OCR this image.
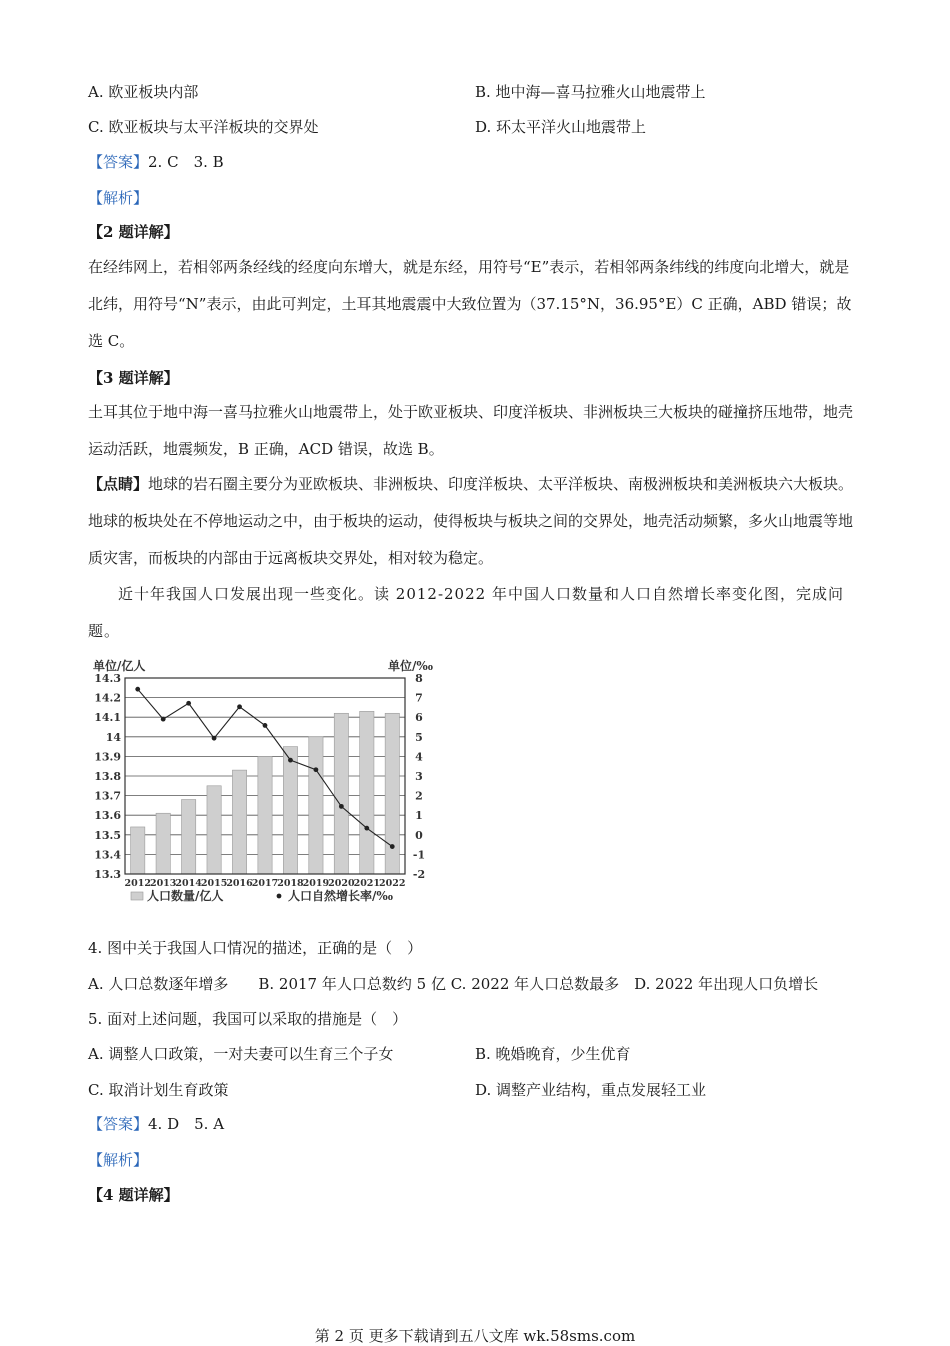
A. 欧亚板块内部	B. 地中海—喜马拉雅火山地震带上
C. 欧亚板块与太平洋板块的交界处	D. 环太平洋火山地震带上
【答案】2. C　3. B
【解析】
【2 题详解】
在经纬网上，若相邻两条经线的经度向东增大，就是东经，用符号“E”表示，若相邻两条纬线的纬度向北增大，就是北纬，用符号“N”表示，由此可判定，土耳其地震震中大致位置为（37.15°N，36.95°E）C 正确，ABD 错误；故选 C。
【3 题详解】
土耳其位于地中海一喜马拉雅火山地震带上，处于欧亚板块、印度洋板块、非洲板块三大板块的碰撞挤压地带，地壳运动活跃，地震频发，B 正确，ACD 错误，故选 B。
【点睛】地球的岩石圈主要分为亚欧板块、非洲板块、印度洋板块、太平洋板块、南极洲板块和美洲板块六大板块。地球的板块处在不停地运动之中，由于板块的运动，使得板块与板块之间的交界处，地壳活动频繁，多火山地震等地质灾害，而板块的内部由于远离板块交界处，相对较为稳定。
近十年我国人口发展出现一些变化。读 2012-2022 年中国人口数量和人口自然增长率变化图，完成问题。
单位/亿人	单位/‰
14.3
14.2
14.1
14
13.9
13.8
13.7
13.6
13.5
13.4
13.3
8
7
6
5
4
3
2
1
0
-1
-2
2012 2013 2014 2015 2016 2017 2018 2019 2020 2021 2022
人口数量/亿人	人口自然增长率/‰
4. 图中关于我国人口情况的描述，正确的是（　）
A. 人口总数逐年增多　　B. 2017 年人口总数约 5 亿 C. 2022 年人口总数最多　D. 2022 年出现人口负增长
5. 面对上述问题，我国可以采取的措施是（　）
A. 调整人口政策，一对夫妻可以生育三个子女	B. 晚婚晚育，少生优育
C. 取消计划生育政策	D. 调整产业结构，重点发展轻工业
【答案】4. D　5. A
【解析】
【4 题详解】
第 2 页 更多下载请到五八文库 wk.58sms.com
